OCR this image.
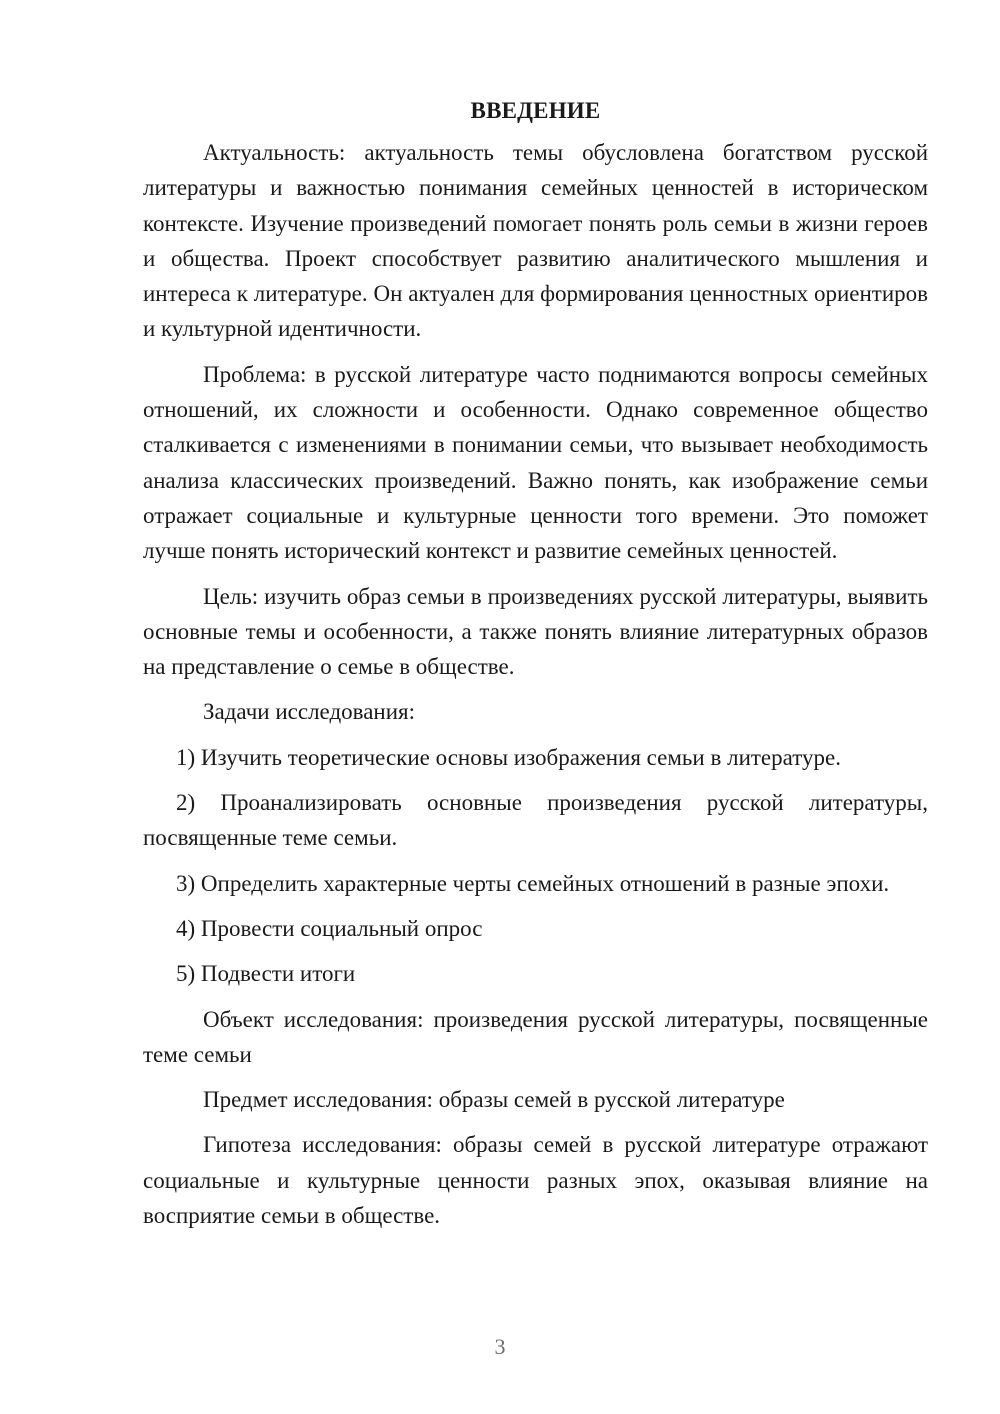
ВВЕДЕНИЕ

Актуальность: актуальность темы обусловлена богатством русской литературы и важностью понимания семейных ценностей в историческом контексте. Изучение произведений помогает понять роль семьи в жизни героев и общества. Проект способствует развитию аналитического мышления и интереса к литературе. Он актуален для формирования ценностных ориентиров и культурной идентичности.

Проблема: в русской литературе часто поднимаются вопросы семейных отношений, их сложности и особенности. Однако современное общество сталкивается с изменениями в понимании семьи, что вызывает необходимость анализа классических произведений. Важно понять, как изображение семьи отражает социальные и культурные ценности того времени. Это поможет лучше понять исторический контекст и развитие семейных ценностей.

Цель: изучить образ семьи в произведениях русской литературы, выявить основные темы и особенности, а также понять влияние литературных образов на представление о семье в обществе.

Задачи исследования:

1) Изучить теоретические основы изображения семьи в литературе.

2) Проанализировать основные произведения русской литературы, посвященные теме семьи.

3) Определить характерные черты семейных отношений в разные эпохи.

4) Провести социальный опрос

5) Подвести итоги

Объект исследования: произведения русской литературы, посвященные теме семьи

Предмет исследования: образы семей в русской литературе

Гипотеза исследования: образы семей в русской литературе отражают социальные и культурные ценности разных эпох, оказывая влияние на восприятие семьи в обществе.

3
